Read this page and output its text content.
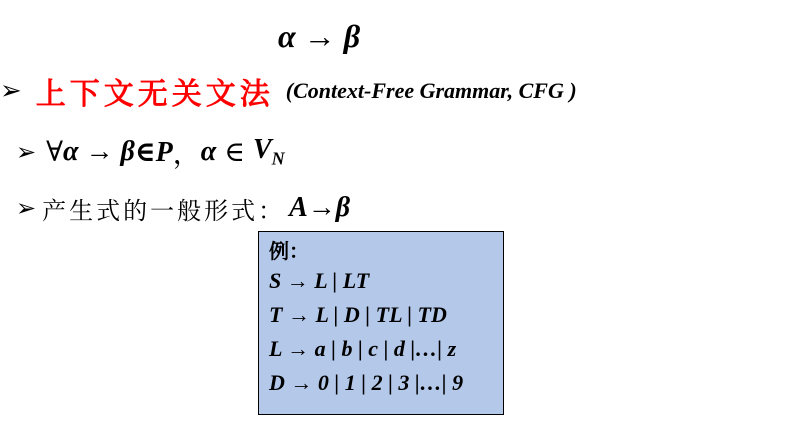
α → β
➢ 上下文无关文法 (Context-Free Grammar, CFG )
➢ ∀ α → β ∈P ， α ∈ $V_N$
➢ 产生式的一般形式： A→β
例：
S → L | LT
T → L | D | TL | TD
L → a | b | c | d |…| z
D → 0 | 1 | 2 | 3 |…| 9
